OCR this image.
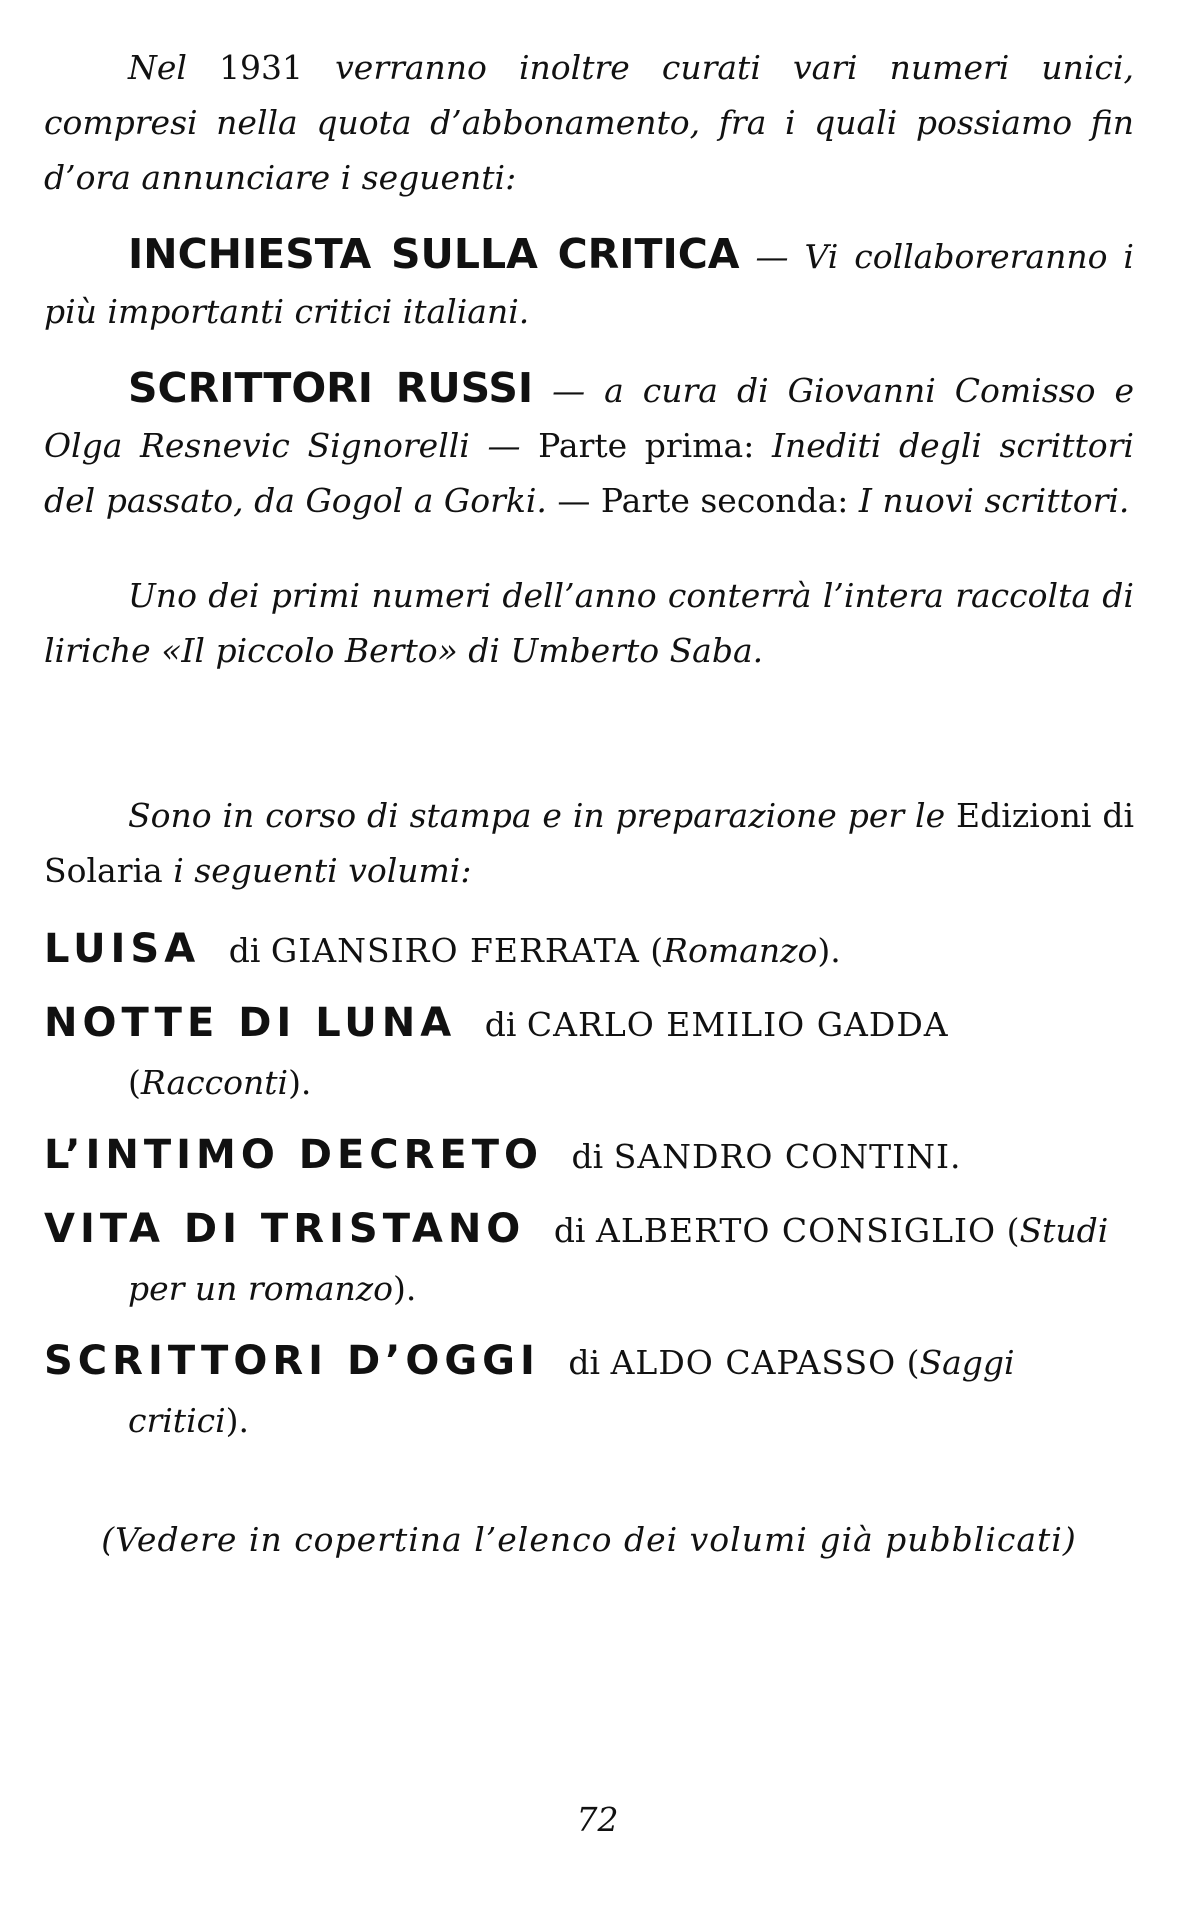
Nel 1931 verranno inoltre curati vari numeri unici, compresi nella quota d’abbonamento, fra i quali possiamo fin d’ora annunciare i seguenti:

INCHIESTA SULLA CRITICA — Vi collaboreranno i più importanti critici italiani.

SCRITTORI RUSSI — a cura di Giovanni Comisso e Olga Resnevic Signorelli — Parte prima: Inediti degli scrittori del passato, da Gogol a Gorki. — Parte seconda: I nuovi scrittori.

Uno dei primi numeri dell’anno conterrà l’intera raccolta di liriche «Il piccolo Berto» di Umberto Saba.

Sono in corso di stampa e in preparazione per le Edizioni di Solaria i seguenti volumi:

LUISA di GIANSIRO FERRATA (Romanzo).

NOTTE DI LUNA di CARLO EMILIO GADDA (Racconti).

L’INTIMO DECRETO di SANDRO CONTINI.

VITA DI TRISTANO di ALBERTO CONSIGLIO (Studi per un romanzo).

SCRITTORI D’OGGI di ALDO CAPASSO (Saggi critici).

(Vedere in copertina l’elenco dei volumi già pubblicati)

72
